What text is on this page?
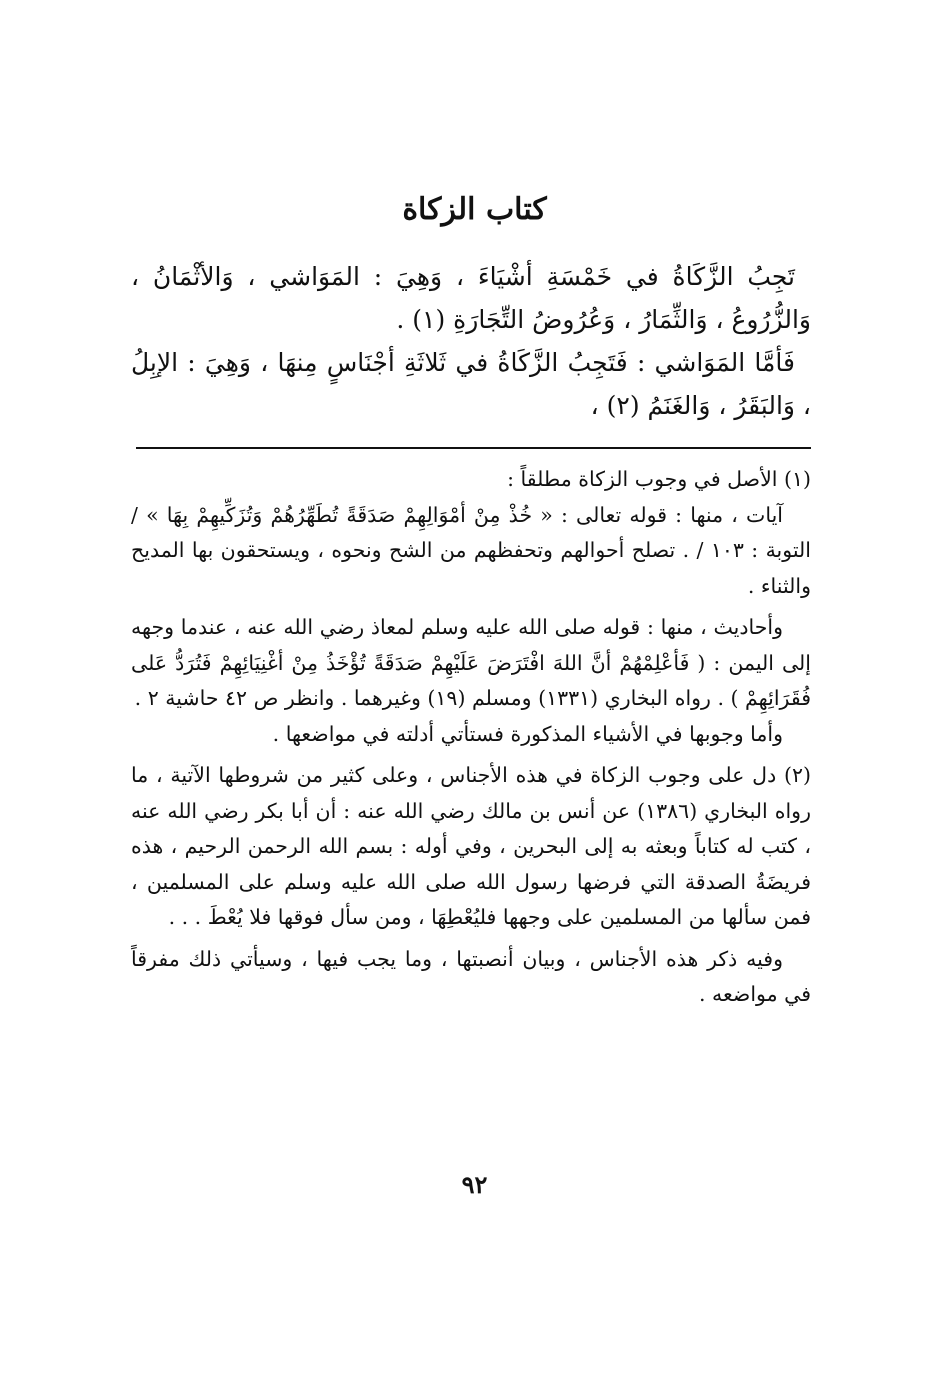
كتاب الزكاة

تَجِبُ الزَّكَاةُ في خَمْسَةِ أشْيَاءَ ، وَهِيَ : المَوَاشي ، وَالأثْمَانُ ، وَالزُّرُوعُ ، وَالثِّمَارُ ، وَعُرُوضُ التِّجَارَةِ (١) .

فَأمَّا المَوَاشي : فَتَجِبُ الزَّكَاةُ في ثَلاثَةِ أجْنَاسٍ مِنهَا ، وَهِيَ : الإبِلُ ، وَالبَقَرُ ، وَالغَنَمُ (٢) ،

(١) الأصل في وجوب الزكاة مطلقاً :

آيات ، منها : قوله تعالى : « خُذْ مِنْ أمْوَالِهِمْ صَدَقَةً تُطَهِّرُهُمْ وَتُزَكِّيهِمْ بِهَا » / التوبة : ١٠٣ / . تصلح أحوالهم وتحفظهم من الشح ونحوه ، ويستحقون بها المديح والثناء .

وأحاديث ، منها : قوله صلى الله عليه وسلم لمعاذ رضي الله عنه ، عندما وجهه إلى اليمن : ( فَأعْلِمْهُمْ أنَّ اللهَ افْتَرَضَ عَلَيْهِمْ صَدَقَةً تُؤْخَذُ مِنْ أغْنِيَائِهِمْ فَتُرَدُّ عَلى فُقَرَائِهِمْ ) . رواه البخاري (١٣٣١) ومسلم (١٩) وغيرهما . وانظر ص ٤٢ حاشية ٢ .

وأما وجوبها في الأشياء المذكورة فستأتي أدلته في مواضعها .

(٢) دل على وجوب الزكاة في هذه الأجناس ، وعلى كثير من شروطها الآتية ، ما رواه البخاري (١٣٨٦) عن أنس بن مالك رضي الله عنه : أن أبا بكر رضي الله عنه ، كتب له كتاباً وبعثه به إلى البحرين ، وفي أوله : بسم الله الرحمن الرحيم ، هذه فريضَةُ الصدقة التي فرضها رسول الله صلى الله عليه وسلم على المسلمين ، فمن سألها من المسلمين على وجهها فليُعْطِهَا ، ومن سأل فوقها فلا يُعْطَ . . .

وفيه ذكر هذه الأجناس ، وبيان أنصبتها ، وما يجب فيها ، وسيأتي ذلك مفرقاً في مواضعه .

٩٢
